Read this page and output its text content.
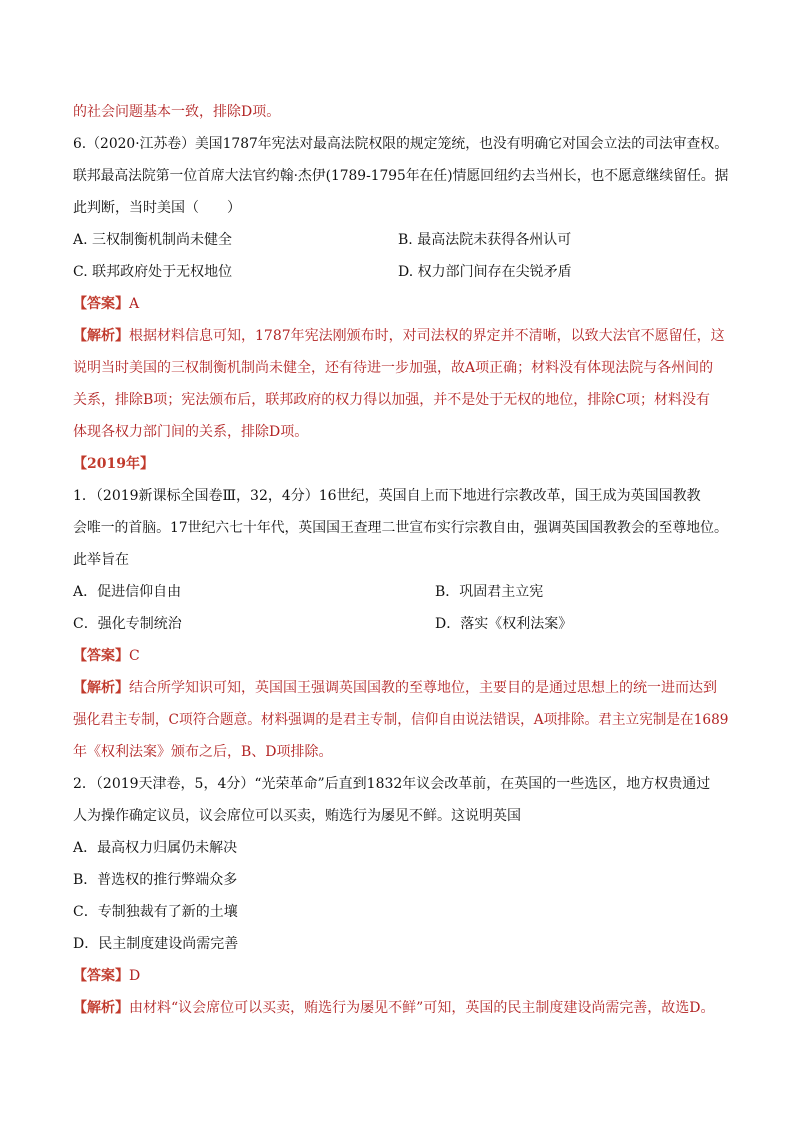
的社会问题基本一致，排除D项。
6.（2020·江苏卷）美国1787年宪法对最高法院权限的规定笼统，也没有明确它对国会立法的司法审查权。
联邦最高法院第一位首席大法官约翰·杰伊(1789-1795年在任)情愿回纽约去当州长，也不愿意继续留任。据
此判断，当时美国（　　）
A. 三权制衡机制尚未健全	B. 最高法院未获得各州认可
C. 联邦政府处于无权地位	D. 权力部门间存在尖锐矛盾
【答案】A
【解析】根据材料信息可知，1787年宪法刚颁布时，对司法权的界定并不清晰，以致大法官不愿留任，这
说明当时美国的三权制衡机制尚未健全，还有待进一步加强，故A项正确；材料没有体现法院与各州间的
关系，排除B项；宪法颁布后，联邦政府的权力得以加强，并不是处于无权的地位，排除C项；材料没有
体现各权力部门间的关系，排除D项。
【2019年】
1．（2019新课标全国卷Ⅲ，32，4分）16世纪，英国自上而下地进行宗教改革，国王成为英国国教教
会唯一的首脑。17世纪六七十年代，英国国王查理二世宣布实行宗教自由，强调英国国教教会的至尊地位。
此举旨在
A．促进信仰自由	B．巩固君主立宪
C．强化专制统治	D．落实《权利法案》
【答案】C
【解析】结合所学知识可知，英国国王强调英国国教的至尊地位，主要目的是通过思想上的统一进而达到
强化君主专制，C项符合题意。材料强调的是君主专制，信仰自由说法错误，A项排除。君主立宪制是在1689
年《权利法案》颁布之后，B、D项排除。
2．（2019天津卷，5，4分）“光荣革命”后直到1832年议会改革前，在英国的一些选区，地方权贵通过
人为操作确定议员，议会席位可以买卖，贿选行为屡见不鲜。这说明英国
A．最高权力归属仍未解决
B．普选权的推行弊端众多
C．专制独裁有了新的土壤
D．民主制度建设尚需完善
【答案】D
【解析】由材料“议会席位可以买卖，贿选行为屡见不鲜”可知，英国的民主制度建设尚需完善，故选D。
